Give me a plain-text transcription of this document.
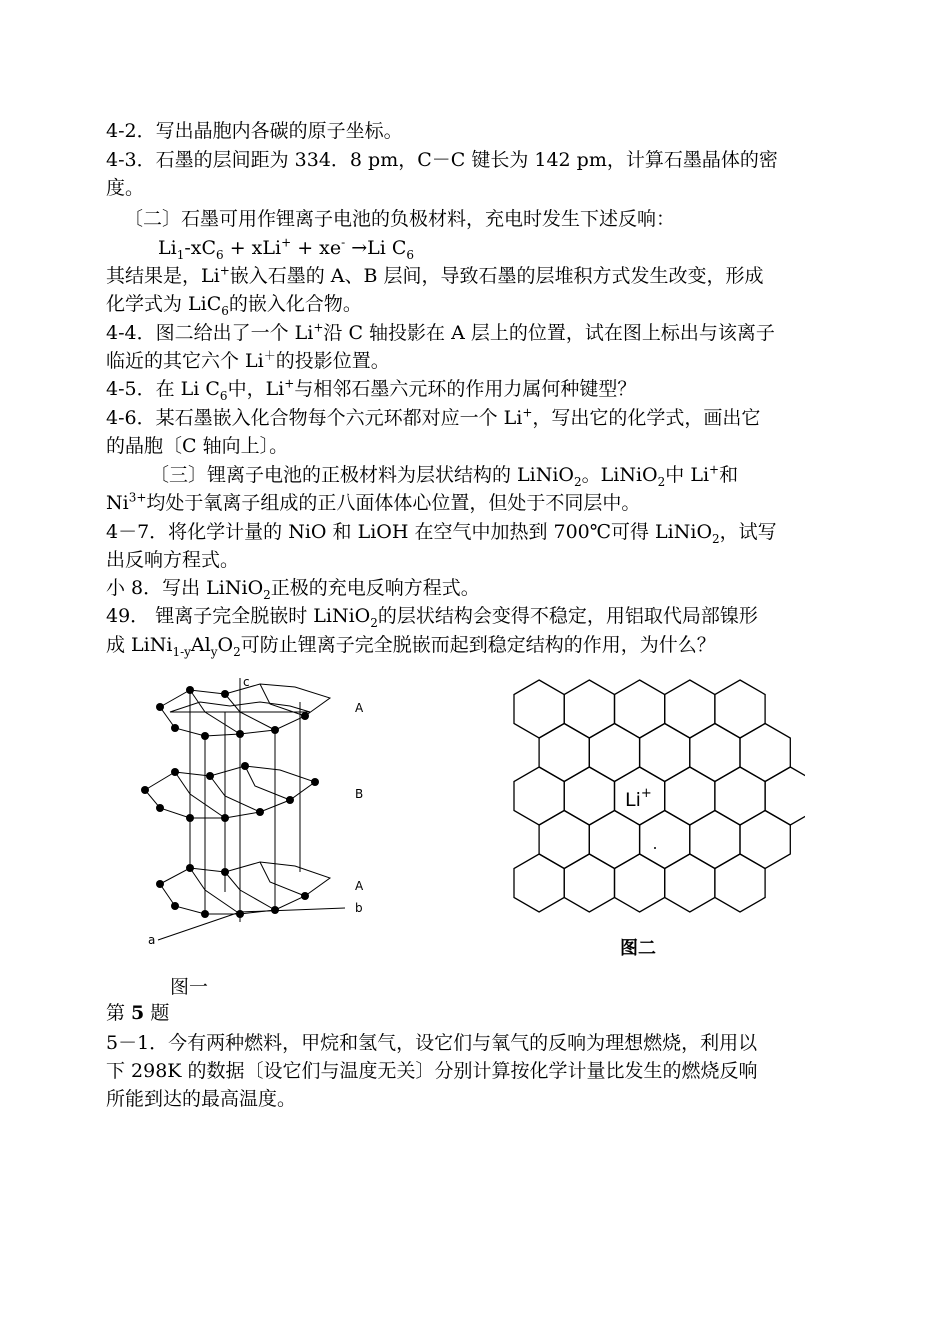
4-2．写出晶胞内各碳的原子坐标。
4-3．石墨的层间距为 334．8 pm，C－C 键长为 142 pm，计算石墨晶体的密
度。
〔二〕石墨可用作锂离子电池的负极材料，充电时发生下述反响：
$Li_1-xC_6 + xLi^+ + xe^- \to Li$ $C_6$
其结果是，Li+嵌入石墨的 A、B 层间，导致石墨的层堆积方式发生改变，形成
化学式为 LiC$_6$的嵌入化合物。
4-4．图二给出了一个 Li+沿 C 轴投影在 A 层上的位置，试在图上标出与该离子
临近的其它六个 Li＋的投影位置。
4-5．在 Li $C_6$中，Li+与相邻石墨六元环的作用力属何种键型？
4-6．某石墨嵌入化合物每个六元环都对应一个 Li+，写出它的化学式，画出它
的晶胞〔C 轴向上〕。
〔三〕锂离子电池的正极材料为层状结构的 LiNiO$_2$。LiNiO$_2$中 Li+和
$Ni^{3+}$均处于氧离子组成的正八面体体心位置，但处于不同层中。
4－7．将化学计量的 NiO 和 LiOH 在空气中加热到 700℃可得 LiNiO$_2$，试写
出反响方程式。
小 8．写出 LiNiO$_2$正极的充电反响方程式。
49． 锂离子完全脱嵌时 LiNiO$_2$的层状结构会变得不稳定，用铝取代局部镍形
成 $LiNi_{1-y}Al_yO_2$可防止锂离子完全脱嵌而起到稳定结构的作用，为什么？
c
A
B
A
b
a
Li+
图二
图一
第 5 题
5－1．今有两种燃料，甲烷和氢气，设它们与氧气的反响为理想燃烧，利用以
下 298K 的数据〔设它们与温度无关〕分别计算按化学计量比发生的燃烧反响
所能到达的最高温度。
